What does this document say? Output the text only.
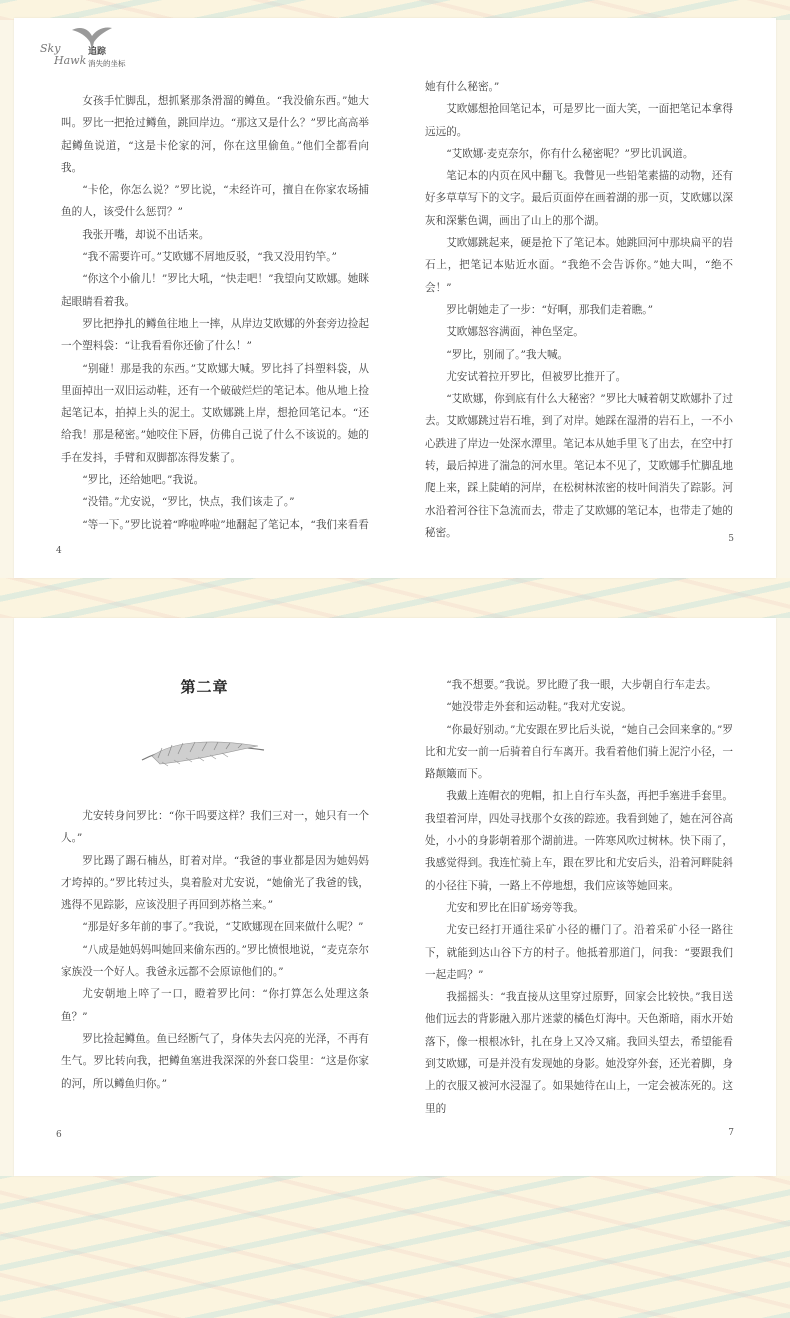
Sky
Hawk
追踪
消失的坐标

女孩手忙脚乱，想抓紧那条滑溜的鳟鱼。“我没偷东西。”她大叫。罗比一把抢过鳟鱼，跳回岸边。“那这又是什么？”罗比高高举起鳟鱼说道，“这是卡伦家的河，你在这里偷鱼。”他们全都看向我。

“卡伦，你怎么说？”罗比说，“未经许可，擅自在你家农场捕鱼的人，该受什么惩罚？”

我张开嘴，却说不出话来。

“我不需要许可。”艾欧娜不屑地反驳，“我又没用钓竿。”

“你这个小偷儿！”罗比大吼，“快走吧！”我望向艾欧娜。她眯起眼睛看着我。

罗比把挣扎的鳟鱼往地上一摔，从岸边艾欧娜的外套旁边捡起一个塑料袋：“让我看看你还偷了什么！”

“别碰！那是我的东西。”艾欧娜大喊。罗比抖了抖塑料袋，从里面掉出一双旧运动鞋，还有一个破破烂烂的笔记本。他从地上捡起笔记本，拍掉上头的泥土。艾欧娜跳上岸，想抢回笔记本。“还给我！那是秘密。”她咬住下唇，仿佛自己说了什么不该说的。她的手在发抖，手臂和双脚都冻得发紫了。

“罗比，还给她吧。”我说。

“没错。”尤安说，“罗比，快点，我们该走了。”

“等一下。”罗比说着“哗啦哗啦”地翻起了笔记本，“我们来看看

4

她有什么秘密。”

艾欧娜想抢回笔记本，可是罗比一面大笑，一面把笔记本拿得远远的。

“艾欧娜·麦克奈尔，你有什么秘密呢？”罗比讥讽道。

笔记本的内页在风中翻飞。我瞥见一些铅笔素描的动物，还有好多草草写下的文字。最后页面停在画着湖的那一页，艾欧娜以深灰和深紫色调，画出了山上的那个湖。

艾欧娜跳起来，硬是抢下了笔记本。她跳回河中那块扁平的岩石上，把笔记本贴近水面。“我绝不会告诉你。”她大叫，“绝不会！”

罗比朝她走了一步：“好啊，那我们走着瞧。”

艾欧娜怒容满面，神色坚定。

“罗比，别闹了。”我大喊。

尤安试着拉开罗比，但被罗比推开了。

“艾欧娜，你到底有什么大秘密？”罗比大喊着朝艾欧娜扑了过去。艾欧娜跳过岩石堆，到了对岸。她踩在湿滑的岩石上，一不小心跌进了岸边一处深水潭里。笔记本从她手里飞了出去，在空中打转，最后掉进了湍急的河水里。笔记本不见了，艾欧娜手忙脚乱地爬上来，踩上陡峭的河岸，在松树林浓密的枝叶间消失了踪影。河水沿着河谷往下急流而去，带走了艾欧娜的笔记本，也带走了她的秘密。

5
第二章

尤安转身问罗比：“你干吗要这样？我们三对一，她只有一个人。”

罗比踢了踢石楠丛，盯着对岸。“我爸的事业都是因为她妈妈才垮掉的。”罗比转过头，臭着脸对尤安说，“她偷光了我爸的钱，逃得不见踪影，应该没胆子再回到苏格兰来。”

“那是好多年前的事了。”我说，“艾欧娜现在回来做什么呢？”

“八成是她妈妈叫她回来偷东西的。”罗比愤恨地说，“麦克奈尔家族没一个好人。我爸永远都不会原谅他们的。”

尤安朝地上啐了一口，瞪着罗比问：“你打算怎么处理这条鱼？”

罗比捡起鳟鱼。鱼已经断气了，身体失去闪亮的光泽，不再有生气。罗比转向我，把鳟鱼塞进我深深的外套口袋里：“这是你家的河，所以鳟鱼归你。”

6

“我不想要。”我说。罗比瞪了我一眼，大步朝自行车走去。

“她没带走外套和运动鞋。”我对尤安说。

“你最好别动。”尤安跟在罗比后头说，“她自己会回来拿的。”罗比和尤安一前一后骑着自行车离开。我看着他们骑上泥泞小径，一路颠簸而下。

我戴上连帽衣的兜帽，扣上自行车头盔，再把手塞进手套里。我望着河岸，四处寻找那个女孩的踪迹。我看到她了，她在河谷高处，小小的身影朝着那个湖前进。一阵寒风吹过树林。快下雨了，我感觉得到。我连忙骑上车，跟在罗比和尤安后头，沿着河畔陡斜的小径往下骑，一路上不停地想，我们应该等她回来。

尤安和罗比在旧矿场旁等我。

尤安已经打开通往采矿小径的栅门了。沿着采矿小径一路往下，就能到达山谷下方的村子。他抵着那道门，问我：“要跟我们一起走吗？”

我摇摇头：“我直接从这里穿过原野，回家会比较快。”我目送他们远去的背影融入那片迷蒙的橘色灯海中。天色渐暗，雨水开始落下，像一根根冰针，扎在身上又冷又痛。我回头望去，希望能看到艾欧娜，可是并没有发现她的身影。她没穿外套，还光着脚，身上的衣服又被河水浸湿了。如果她待在山上，一定会被冻死的。这里的

7
